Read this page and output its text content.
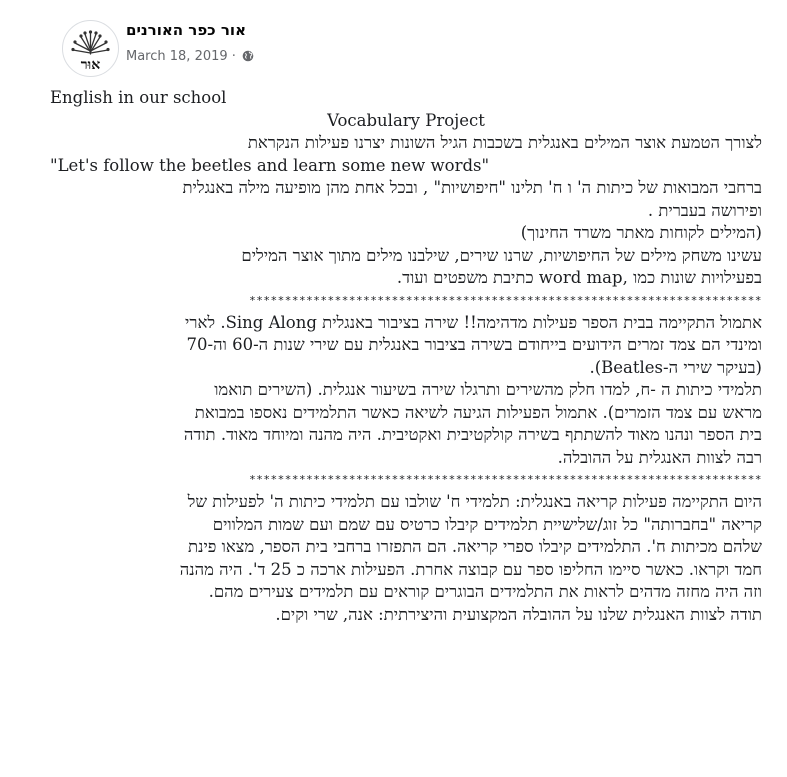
אוּר
אור כפר האורנים
March 18, 2019 ·
English in our school
Vocabulary Project
לצורך הטמעת אוצר המילים באנגלית בשכבות הגיל השונות יצרנו פעילות הנקראת
"Let's follow the beetles and learn some new words"
ברחבי המבואות של כיתות ה' ו ח' תלינו "חיפושיות" , ובכל אחת מהן מופיעה מילה באנגלית
ופירושה בעברית .
(המילים לקוחות מאתר משרד החינוך)
עשינו משחק מילים של החיפושיות, שרנו שירים, שילבנו מילים מתוך אוצר המילים
בפעילויות שונות כמו ,word map כתיבת משפטים ועוד.
************************************************************************
אתמול התקיימה בבית הספר פעילות מדהימה!! שירה בציבור באנגלית Sing Along. לארי
ומינדי הם צמד זמרים הידועים בייחודם בשירה בציבור באנגלית עם שירי שנות ה-60 וה-70
(בעיקר שירי ה-Beatles).
תלמידי כיתות ה -ח, למדו חלק מהשירים ותרגלו שירה בשיעור אנגלית. (השירים תואמו
מראש עם צמד הזמרים). אתמול הפעילות הגיעה לשיאה כאשר התלמידים נאספו במבואת
בית הספר ונהנו מאוד להשתתף בשירה קולקטיבית ואקטיבית. היה מהנה ומיוחד מאוד. תודה
רבה לצוות האנגלית על ההובלה.
************************************************************************
היום התקיימה פעילות קריאה באנגלית: תלמידי ח' שולבו עם תלמידי כיתות ה' לפעילות של
קריאה "בחברותה" כל זוג/שלישיית תלמידים קיבלו כרטיס עם שמם ועם שמות המלווים
שלהם מכיתות ח'. התלמידים קיבלו ספרי קריאה. הם התפזרו ברחבי בית הספר, מצאו פינת
חמד וקראו. כאשר סיימו החליפו ספר עם קבוצה אחרת. הפעילות ארכה כ 25 ד'. היה מהנה
וזה היה מחזה מדהים לראות את התלמידים הבוגרים קוראים עם תלמידים צעירים מהם.
תודה לצוות האנגלית שלנו על ההובלה המקצועית והיצירתית: אנה, שרי וקים.
